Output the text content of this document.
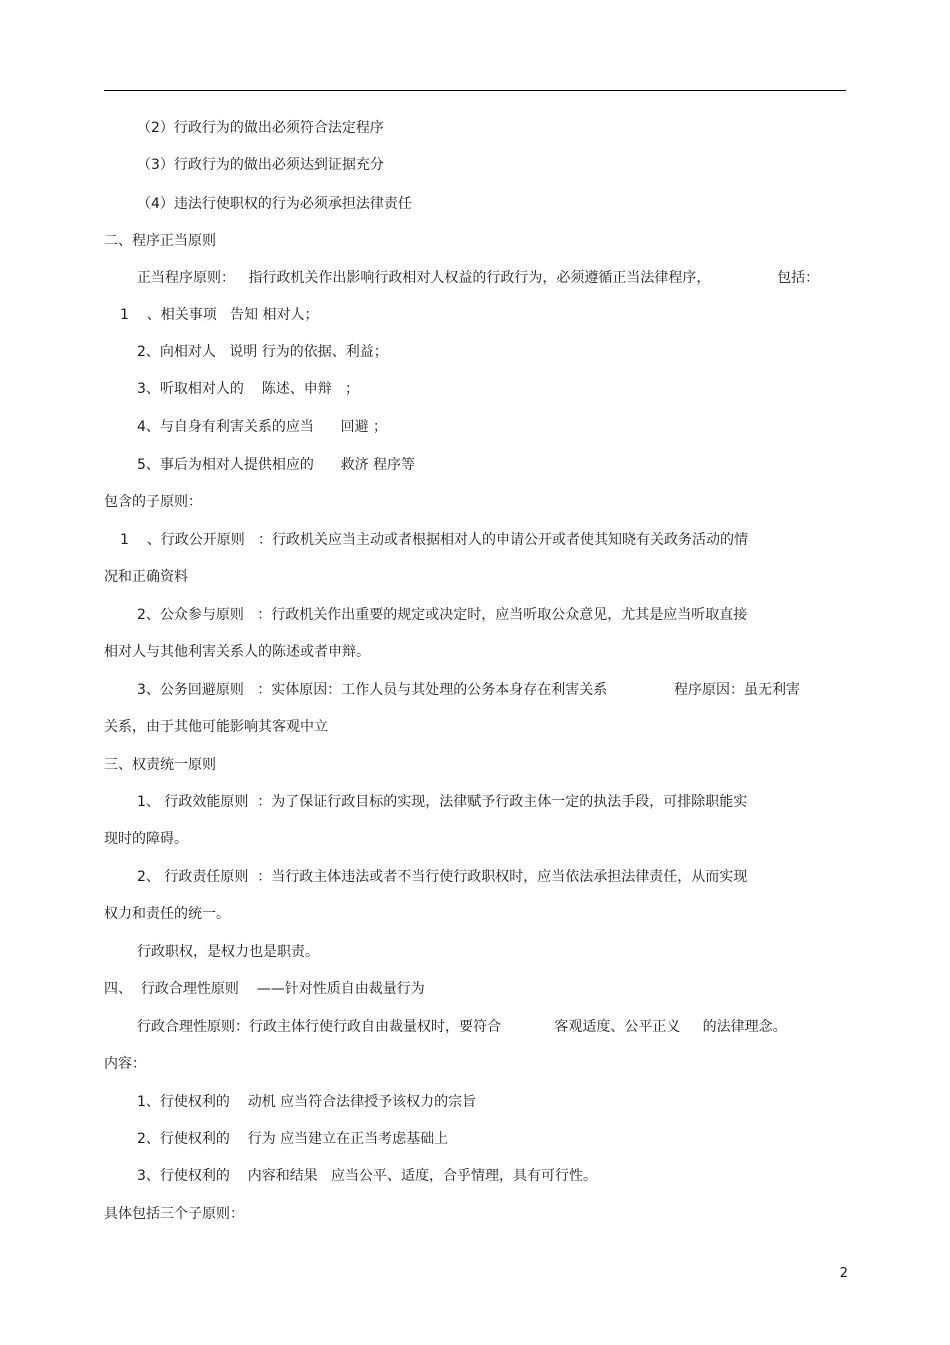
（2）行政行为的做出必须符合法定程序
（3）行政行为的做出必须达到证据充分
（4）违法行使职权的行为必须承担法律责任
二、程序正当原则
正当程序原则：   指行政机关作出影响行政相对人权益的行政行为，必须遵循正当法律程序，               包括：
1    、相关事项   告知 相对人；
2、向相对人   说明 行为的依据、利益；
3、听取相对人的    陈述、申辩   ；
4、与自身有利害关系的应当      回避 ；
5、事后为相对人提供相应的      救济 程序等
包含的子原则：
1    、行政公开原则   ：行政机关应当主动或者根据相对人的申请公开或者使其知晓有关政务活动的情
况和正确资料
2、公众参与原则   ：行政机关作出重要的规定或决定时，应当听取公众意见，尤其是应当听取直接
相对人与其他利害关系人的陈述或者申辩。
3、公务回避原则   ：实体原因：工作人员与其处理的公务本身存在利害关系               程序原因：虽无利害
关系，由于其他可能影响其客观中立
三、权责统一原则
1、 行政效能原则  ：为了保证行政目标的实现，法律赋予行政主体一定的执法手段，可排除职能实
现时的障碍。
2、 行政责任原则  ：当行政主体违法或者不当行使行政职权时，应当依法承担法律责任，从而实现
权力和责任的统一。
行政职权，是权力也是职责。
四、  行政合理性原则    ——针对性质自由裁量行为
行政合理性原则：行政主体行使行政自由裁量权时，要符合            客观适度、公平正义     的法律理念。
内容：
1、行使权利的    动机 应当符合法律授予该权力的宗旨
2、行使权利的    行为 应当建立在正当考虑基础上
3、行使权利的    内容和结果   应当公平、适度，合乎情理，具有可行性。
具体包括三个子原则：
2
